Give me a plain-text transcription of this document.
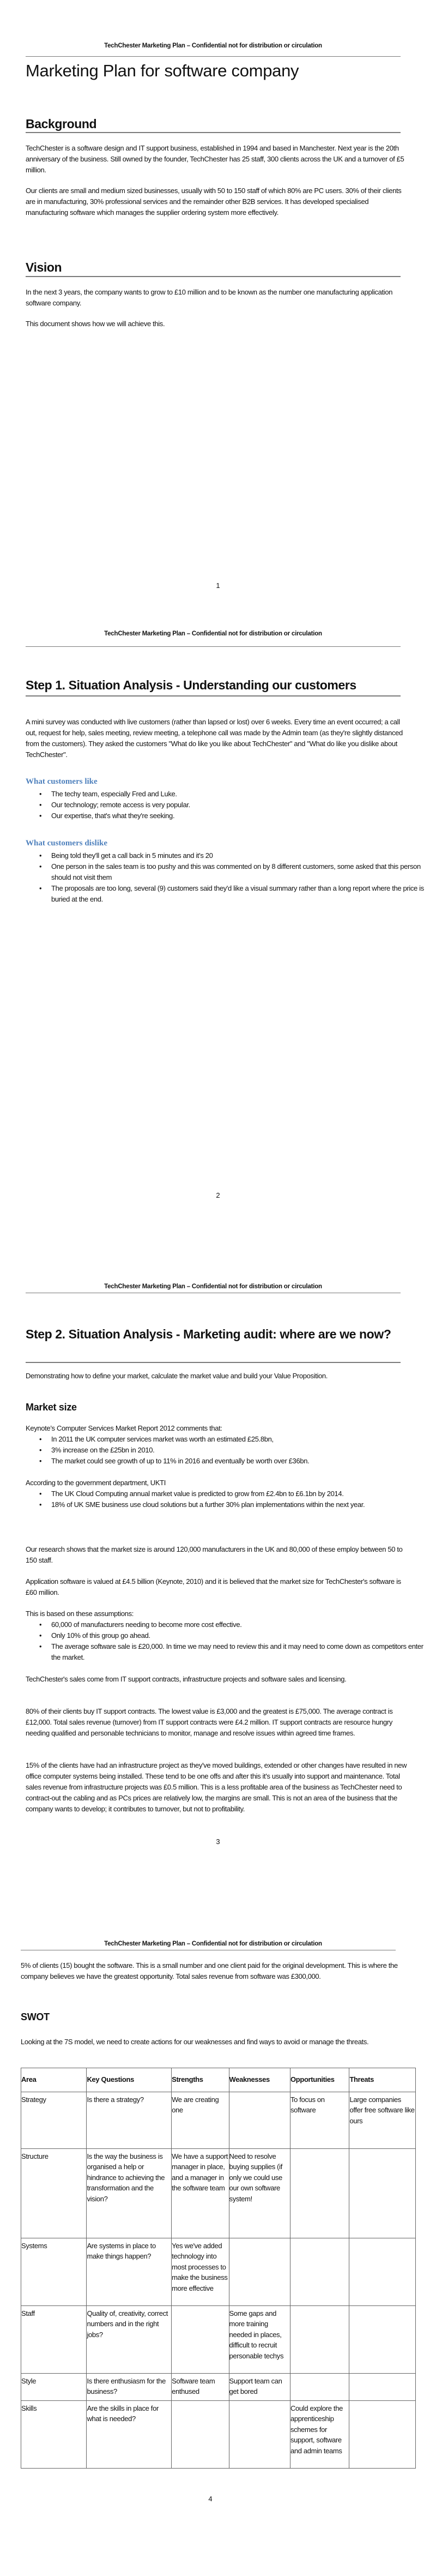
TechChester Marketing Plan – Confidential not for distribution or circulation
Marketing Plan for software company
Background
TechChester is a software design and IT support business, established in 1994 and based in Manchester. Next year is the 20th anniversary of the business. Still owned by the founder, TechChester has 25 staff, 300 clients across the UK and a turnover of £5 million.
Our clients are small and medium sized businesses, usually with 50 to 150 staff of which 80% are PC users. 30% of their clients are in manufacturing, 30% professional services and the remainder other B2B services. It has developed specialised manufacturing software which manages the supplier ordering system more effectively.
Vision
In the next 3 years, the company wants to grow to £10 million and to be known as the number one manufacturing application software company.
This document shows how we will achieve this.
1
TechChester Marketing Plan – Confidential not for distribution or circulation
Step 1. Situation Analysis - Understanding our customers
A mini survey was conducted with live customers (rather than lapsed or lost) over 6 weeks. Every time an event occurred; a call out, request for help, sales meeting, review meeting, a telephone call was made by the Admin team (as they're slightly distanced from the customers). They asked the customers "What do like you like about TechChester" and "What do like you dislike about TechChester".
What customers like
• The techy team, especially Fred and Luke.
• Our technology; remote access is very popular.
• Our expertise, that's what they're seeking.
What customers dislike
• Being told they'll get a call back in 5 minutes and it's 20
• One person in the sales team is too pushy and this was commented on by 8 different customers, some asked that this person should not visit them
• The proposals are too long, several (9) customers said they'd like a visual summary rather than a long report where the price is buried at the end.
2
TechChester Marketing Plan – Confidential not for distribution or circulation
Step 2. Situation Analysis - Marketing audit: where are we now?
Demonstrating how to define your market, calculate the market value and build your Value Proposition.
Market size
Keynote’s Computer Services Market Report 2012 comments that:
• In 2011 the UK computer services market was worth an estimated £25.8bn,
• 3% increase on the £25bn in 2010.
• The market could see growth of up to 11% in 2016 and eventually be worth over £36bn.
According to the government department, UKTI
• The UK Cloud Computing annual market value is predicted to grow from £2.4bn to £6.1bn by 2014.
• 18% of UK SME business use cloud solutions but a further 30% plan implementations within the next year.
Our research shows that the market size is around 120,000 manufacturers in the UK and 80,000 of these employ between 50 to 150 staff.
Application software is valued at £4.5 billion (Keynote, 2010) and it is believed that the market size for TechChester's software is £60 million.
This is based on these assumptions:
• 60,000 of manufacturers needing to become more cost effective.
• Only 10% of this group go ahead.
• The average software sale is £20,000. In time we may need to review this and it may need to come down as competitors enter the market.
TechChester's sales come from IT support contracts, infrastructure projects and software sales and licensing.
80% of their clients buy IT support contracts. The lowest value is £3,000 and the greatest is £75,000. The average contract is £12,000. Total sales revenue (turnover) from IT support contracts were £4.2 million. IT support contracts are resource hungry needing qualified and personable technicians to monitor, manage and resolve issues within agreed time frames.
15% of the clients have had an infrastructure project as they've moved buildings, extended or other changes have resulted in new office computer systems being installed. These tend to be one offs and after this it's usually into support and maintenance. Total sales revenue from infrastructure projects was £0.5 million. This is a less profitable area of the business as TechChester need to contract-out the cabling and as PCs prices are relatively low, the margins are small. This is not an area of the business that the company wants to develop; it contributes to turnover, but not to profitability.
3
TechChester Marketing Plan – Confidential not for distribution or circulation
5% of clients (15) bought the software. This is a small number and one client paid for the original development. This is where the company believes we have the greatest opportunity. Total sales revenue from software was £300,000.
SWOT
Looking at the 7S model, we need to create actions for our weaknesses and find ways to avoid or manage the threats.
Area	Key Questions	Strengths	Weaknesses	Opportunities	Threats
Strategy	Is there a strategy?	We are creating one		To focus on software	Large companies offer free software like ours
Structure	Is the way the business is organised a help or hindrance to achieving the transformation and the vision?	We have a support manager in place, and a manager in the software team	Need to resolve buying supplies (if only we could use our own software system!		
Systems	Are systems in place to make things happen?	Yes we've added technology into most processes to make the business more effective			
Staff	Quality of, creativity, correct numbers and in the right jobs?		Some gaps and more training needed in places, difficult to recruit personable techys		
Style	Is there enthusiasm for the business?	Software team enthused	Support team can get bored		
Skills	Are the skills in place for what is needed?			Could explore the apprenticeship schemes for support, software and admin teams	
4
